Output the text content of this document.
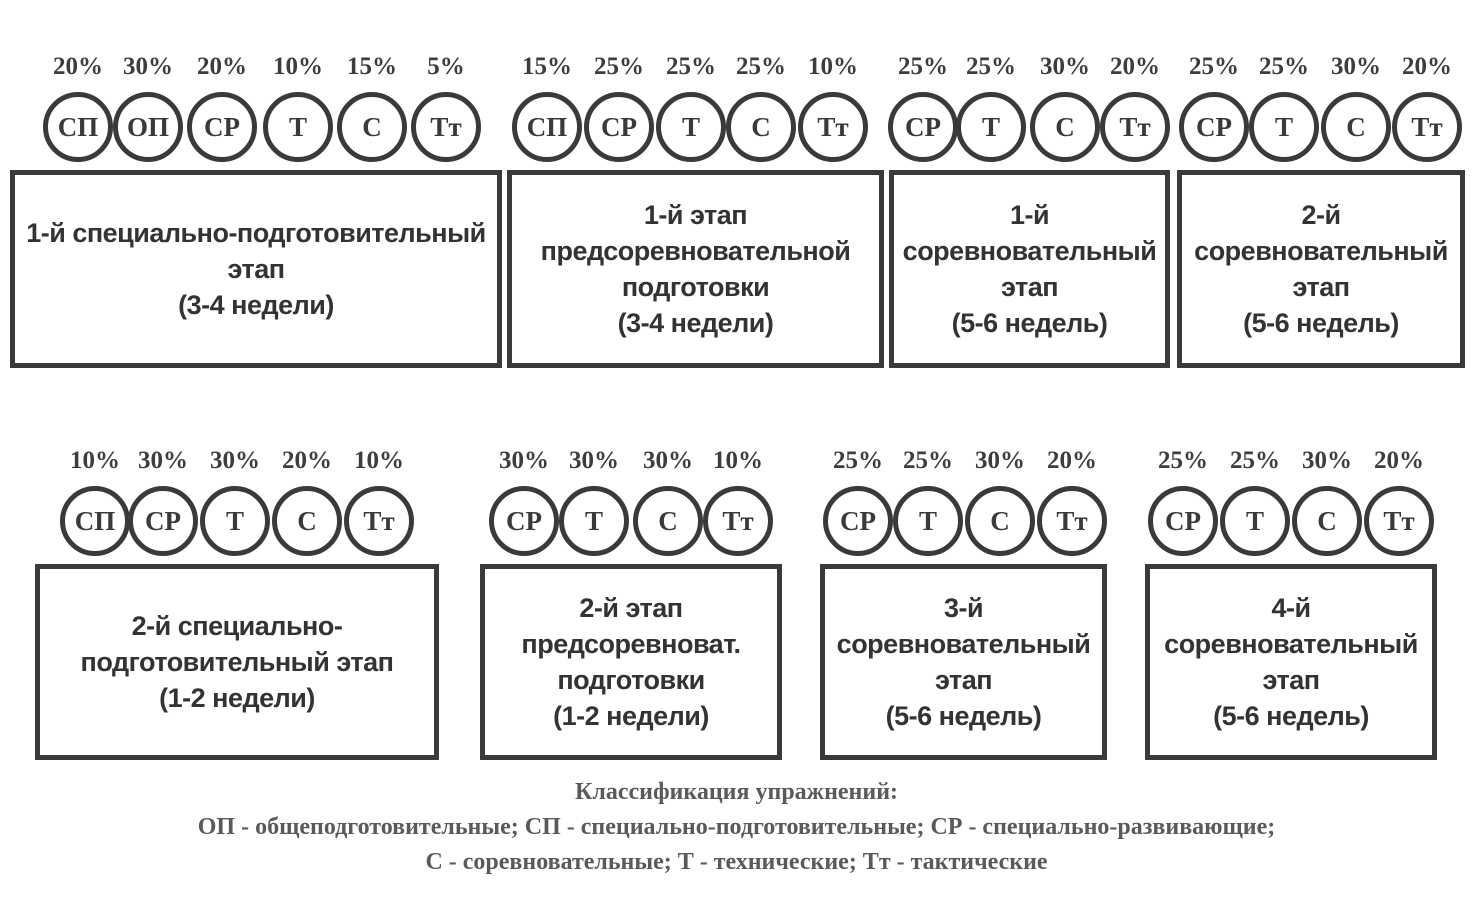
20%
СП
30%
ОП
20%
СР
10%
Т
15%
С
5%
Тт
1-й специально-подготовительный
этап
(3-4 недели)
15%
СП
25%
СР
25%
Т
25%
С
10%
Тт
1-й этап
предсоревновательной
подготовки
(3-4 недели)
25%
СР
25%
Т
30%
С
20%
Тт
1-й
соревновательный
этап
(5-6 недель)
25%
СР
25%
Т
30%
С
20%
Тт
2-й
соревновательный
этап
(5-6 недель)
10%
СП
30%
СР
30%
Т
20%
С
10%
Тт
2-й специально-
подготовительный этап
(1-2 недели)
30%
СР
30%
Т
30%
С
10%
Тт
2-й этап
предсоревноват.
подготовки
(1-2 недели)
25%
СР
25%
Т
30%
С
20%
Тт
3-й
соревновательный
этап
(5-6 недель)
25%
СР
25%
Т
30%
С
20%
Тт
4-й
соревновательный
этап
(5-6 недель)
Классификация упражнений:
ОП - общеподготовительные; СП - специально-подготовительные; СР - специально-развивающие;
С - соревновательные; Т - технические; Тт - тактические
